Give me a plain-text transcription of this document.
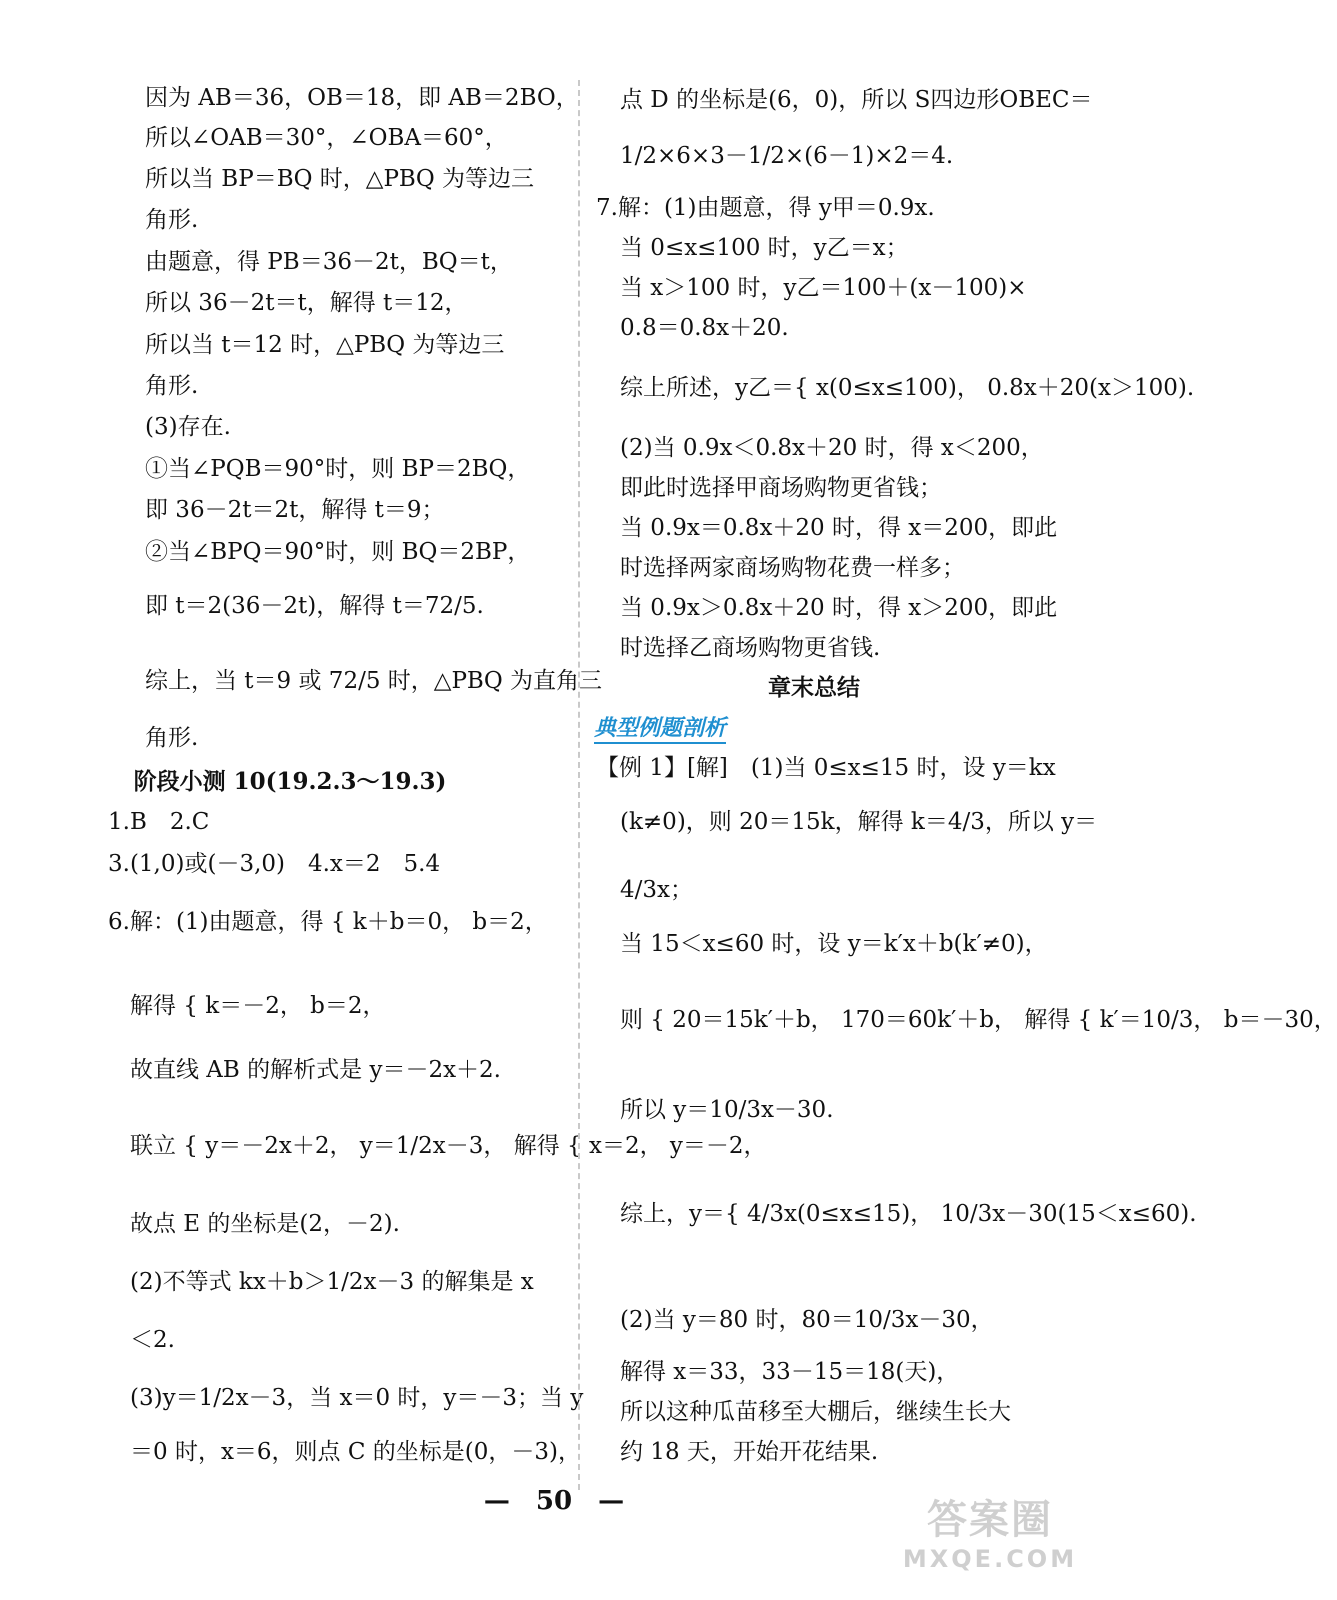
因为 AB＝36，OB＝18，即 AB＝2BO，
所以∠OAB＝30°，∠OBA＝60°，
所以当 BP＝BQ 时，△PBQ 为等边三
角形.
由题意，得 PB＝36－2t，BQ＝t，
所以 36－2t＝t，解得 t＝12，
所以当 t＝12 时，△PBQ 为等边三
角形.
(3)存在.
①当∠PQB＝90°时，则 BP＝2BQ，
即 36－2t＝2t，解得 t＝9；
②当∠BPQ＝90°时，则 BQ＝2BP，
即 t＝2(36－2t)，解得 t＝72/5.
综上，当 t＝9 或 72/5 时，△PBQ 为直角三
角形.
阶段小测 10(19.2.3～19.3)
1.B　2.C
3.(1,0)或(－3,0)　4.x＝2　5.4
6.解：(1)由题意，得 { k＋b＝0， b＝2，
解得 { k＝－2， b＝2，
故直线 AB 的解析式是 y＝－2x＋2.
联立 { y＝－2x＋2， y＝1/2x－3， 解得 { x＝2， y＝－2，
故点 E 的坐标是(2，－2).
(2)不等式 kx＋b＞1/2x－3 的解集是 x
＜2.
(3)y＝1/2x－3，当 x＝0 时，y＝－3；当 y
＝0 时，x＝6，则点 C 的坐标是(0，－3)，
点 D 的坐标是(6，0)，所以 S四边形OBEC＝
1/2×6×3－1/2×(6－1)×2＝4.
7.解：(1)由题意，得 y甲＝0.9x.
当 0≤x≤100 时，y乙＝x；
当 x＞100 时，y乙＝100＋(x－100)×
0.8＝0.8x＋20.
综上所述，y乙＝{ x(0≤x≤100)， 0.8x＋20(x＞100).
(2)当 0.9x＜0.8x＋20 时，得 x＜200，
即此时选择甲商场购物更省钱；
当 0.9x＝0.8x＋20 时，得 x＝200，即此
时选择两家商场购物花费一样多；
当 0.9x＞0.8x＋20 时，得 x＞200，即此
时选择乙商场购物更省钱.
章末总结
典型例题剖析
【例 1】[解]　(1)当 0≤x≤15 时，设 y＝kx
(k≠0)，则 20＝15k，解得 k＝4/3，所以 y＝
4/3x；
当 15＜x≤60 时，设 y＝k′x＋b(k′≠0)，
则 { 20＝15k′＋b， 170＝60k′＋b， 解得 { k′＝10/3， b＝－30，
所以 y＝10/3x－30.
综上，y＝{ 4/3x(0≤x≤15)， 10/3x－30(15＜x≤60).
(2)当 y＝80 时，80＝10/3x－30，
解得 x＝33，33－15＝18(天)，
所以这种瓜苗移至大棚后，继续生长大
约 18 天，开始开花结果.
—　50　—	答案圈
MXQE.COM
